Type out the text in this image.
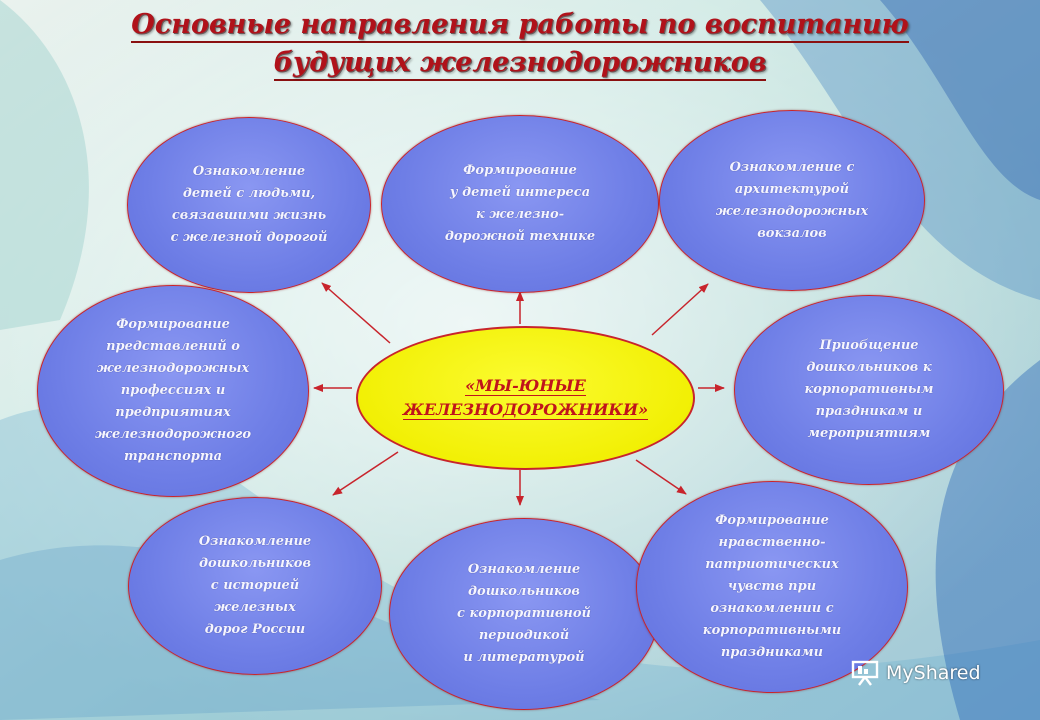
Основные направления работы по воспитанию
будущих железнодорожников
Ознакомление
детей с людьми,
связавшими жизнь
с железной дорогой
Формирование
у детей интереса
к железно-
дорожной технике
Ознакомление с
архитектурой
железнодорожных
вокзалов
Формирование
представлений о
железнодорожных
профессиях и
предприятиях
железнодорожного
транспорта
Приобщение
дошкольников к
корпоративным
праздникам и
мероприятиям
Ознакомление
дошкольников
с историей
железных
дорог России
Ознакомление
дошкольников
с корпоративной
периодикой
и литературой
Формирование
нравственно-
патриотических
чувств при
ознакомлении с
корпоративными
праздниками
«МЫ-ЮНЫЕ
ЖЕЛЕЗНОДОРОЖНИКИ»
MyShared
